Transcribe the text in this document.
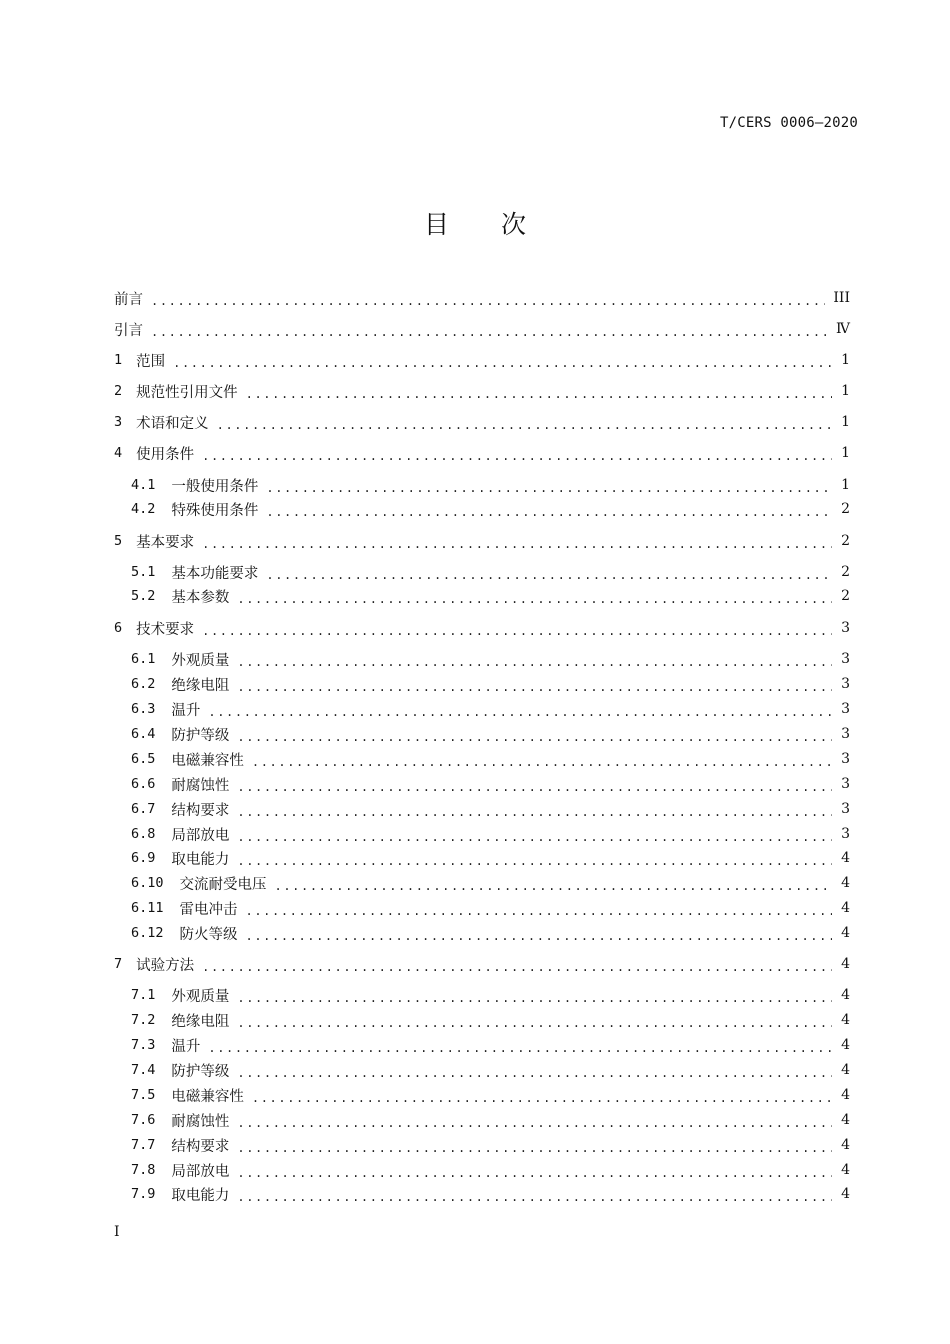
T/CERS 0006—2020
目 次
前言 .....	III
引言 .....	Ⅳ
1 范围 .....	1
2 规范性引用文件 .....	1
3 术语和定义 .....	1
4 使用条件 .....	1
4.1 一般使用条件 .....	1
4.2 特殊使用条件 .....	2
5 基本要求 .....	2
5.1 基本功能要求 .....	2
5.2 基本参数 .....	2
6 技术要求 .....	3
6.1 外观质量 .....	3
6.2 绝缘电阻 .....	3
6.3 温升 .....	3
6.4 防护等级 .....	3
6.5 电磁兼容性 .....	3
6.6 耐腐蚀性 .....	3
6.7 结构要求 .....	3
6.8 局部放电 .....	3
6.9 取电能力 .....	4
6.10 交流耐受电压 .....	4
6.11 雷电冲击 .....	4
6.12 防火等级 .....	4
7 试验方法 .....	4
7.1 外观质量 .....	4
7.2 绝缘电阻 .....	4
7.3 温升 .....	4
7.4 防护等级 .....	4
7.5 电磁兼容性 .....	4
7.6 耐腐蚀性 .....	4
7.7 结构要求 .....	4
7.8 局部放电 .....	4
7.9 取电能力 .....	4
I
